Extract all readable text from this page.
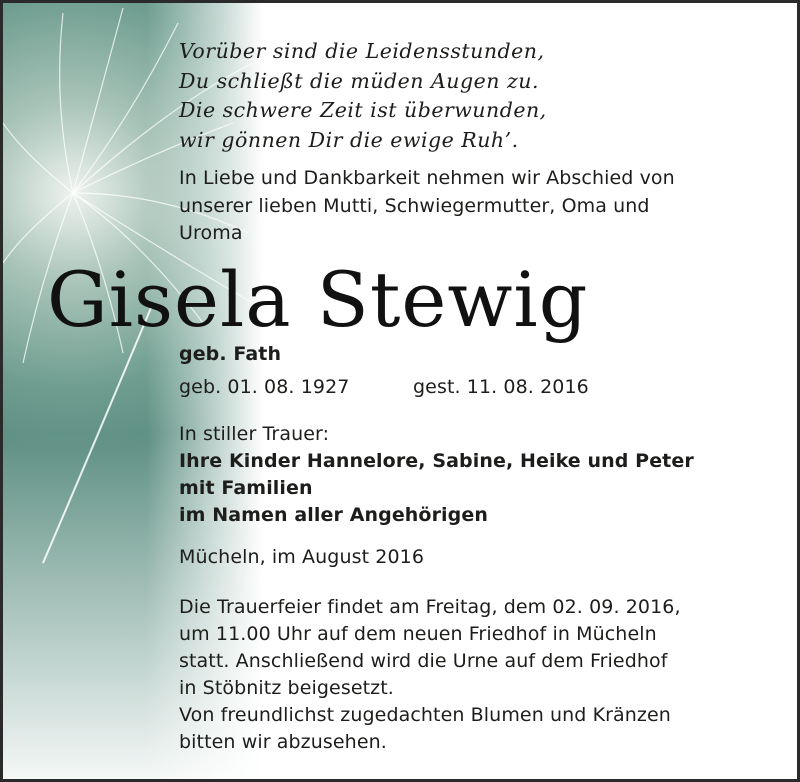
Vorüber sind die Leidensstunden,
Du schließt die müden Augen zu.
Die schwere Zeit ist überwunden,
wir gönnen Dir die ewige Ruh’.
In Liebe und Dankbarkeit nehmen wir Abschied von
unserer lieben Mutti, Schwiegermutter, Oma und
Uroma
Gisela Stewig
geb. Fath
geb. 01. 08. 1927	gest. 11. 08. 2016
In stiller Trauer:
Ihre Kinder Hannelore, Sabine, Heike und Peter
mit Familien
im Namen aller Angehörigen
Mücheln, im August 2016
Die Trauerfeier findet am Freitag, dem 02. 09. 2016,
um 11.00 Uhr auf dem neuen Friedhof in Mücheln
statt. Anschließend wird die Urne auf dem Friedhof
in Stöbnitz beigesetzt.
Von freundlichst zugedachten Blumen und Kränzen
bitten wir abzusehen.
